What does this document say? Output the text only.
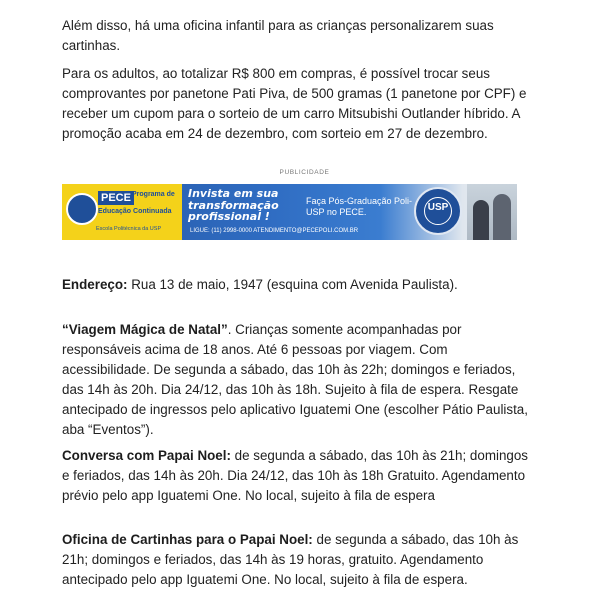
Além disso, há uma oficina infantil para as crianças personalizarem suas cartinhas.

Para os adultos, ao totalizar R$ 800 em compras, é possível trocar seus comprovantes por panetone Pati Piva, de 500 gramas (1 panetone por CPF) e receber um cupom para o sorteio de um carro Mitsubishi Outlander híbrido. A promoção acaba em 24 de dezembro, com sorteio em 27 de dezembro.

PUBLICIDADE
PECE Programa de
Educação Continuada
Escola Politécnica da USP
Invista em sua transformação profissional !
LIGUE: (11) 2998-0000 ATENDIMENTO@PECEPOLI.COM.BR
Faça Pós-Graduação Poli-USP no PECE.	USP

Endereço: Rua 13 de maio, 1947 (esquina com Avenida Paulista).

“Viagem Mágica de Natal”. Crianças somente acompanhadas por responsáveis acima de 18 anos. Até 6 pessoas por viagem. Com acessibilidade. De segunda a sábado, das 10h às 22h; domingos e feriados, das 14h às 20h. Dia 24/12, das 10h às 18h. Sujeito à fila de espera. Resgate antecipado de ingressos pelo aplicativo Iguatemi One (escolher Pátio Paulista, aba “Eventos”).

Conversa com Papai Noel: de segunda a sábado, das 10h às 21h; domingos e feriados, das 14h às 20h. Dia 24/12, das 10h às 18h Gratuito. Agendamento prévio pelo app Iguatemi One. No local, sujeito à fila de espera

Oficina de Cartinhas para o Papai Noel: de segunda a sábado, das 10h às 21h; domingos e feriados, das 14h às 19 horas, gratuito. Agendamento antecipado pelo app Iguatemi One. No local, sujeito à fila de espera.
